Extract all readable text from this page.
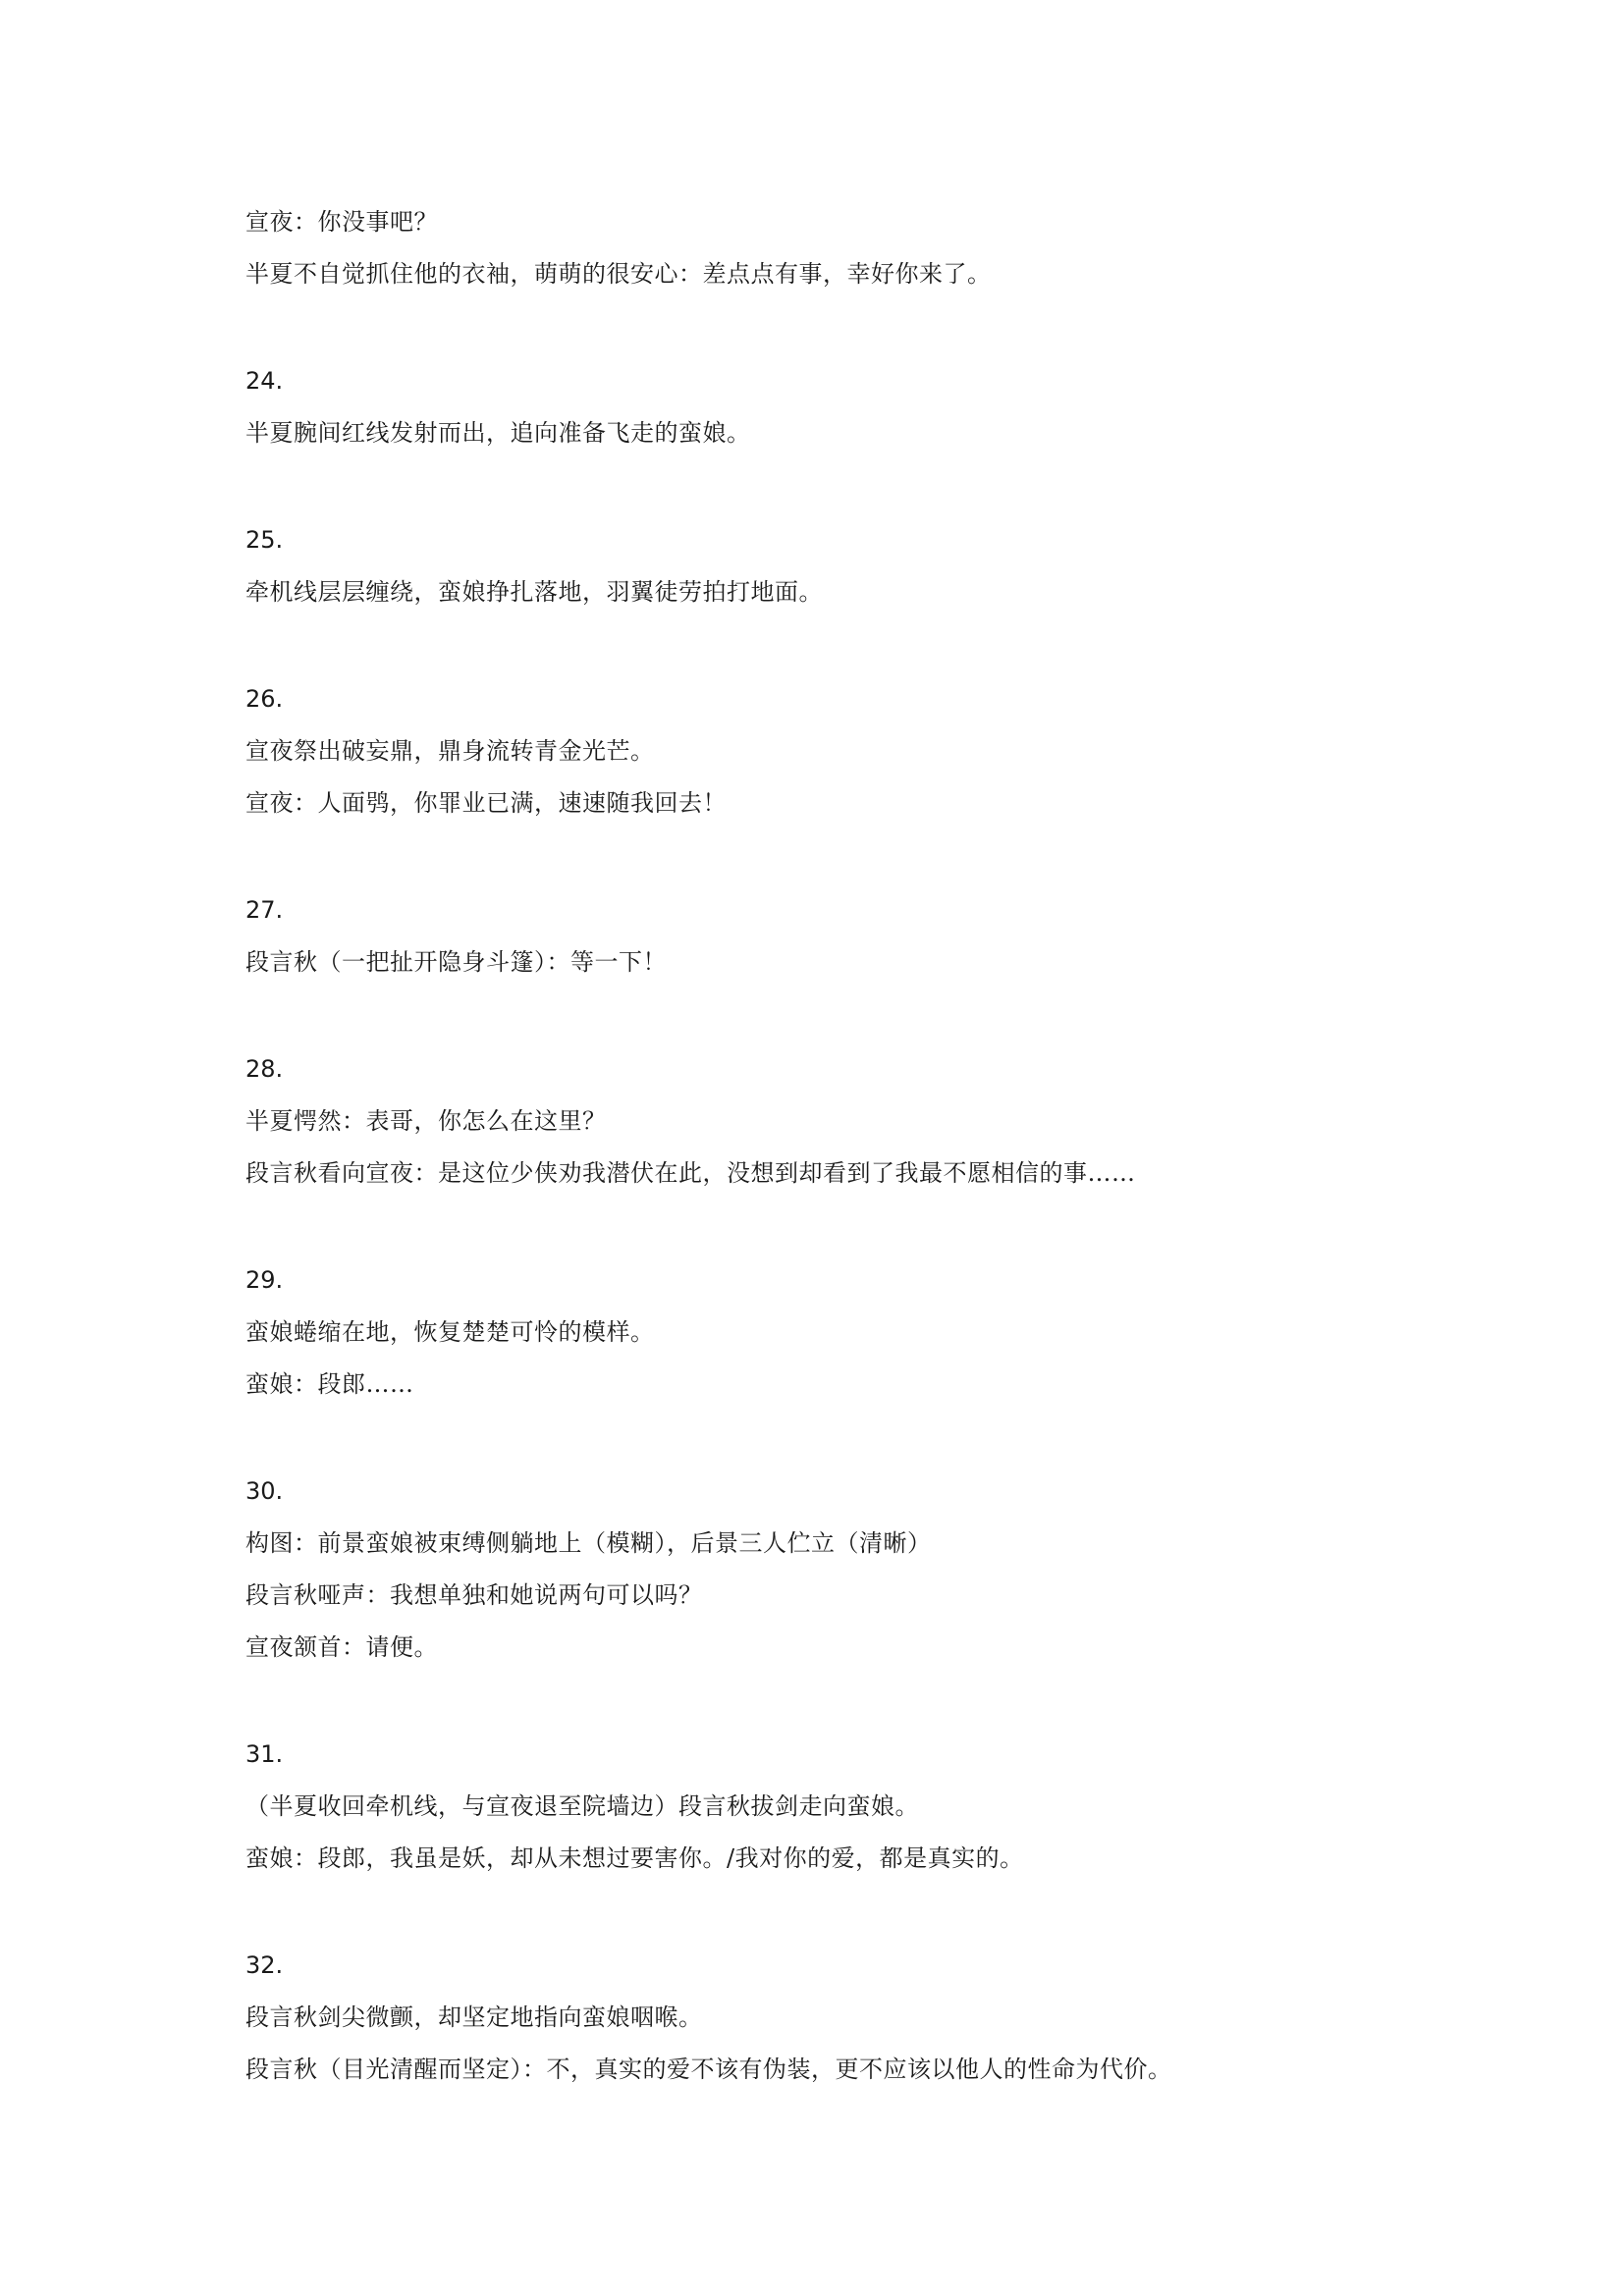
宣夜：你没事吧？
半夏不自觉抓住他的衣袖，萌萌的很安心：差点点有事，幸好你来了。
24.
半夏腕间红线发射而出，追向准备飞走的蛮娘。
25.
牵机线层层缠绕，蛮娘挣扎落地，羽翼徒劳拍打地面。
26.
宣夜祭出破妄鼎，鼎身流转青金光芒。
宣夜：人面鸮，你罪业已满，速速随我回去！
27.
段言秋（一把扯开隐身斗篷）：等一下！
28.
半夏愕然：表哥，你怎么在这里？
段言秋看向宣夜：是这位少侠劝我潜伏在此，没想到却看到了我最不愿相信的事……
29.
蛮娘蜷缩在地，恢复楚楚可怜的模样。
蛮娘：段郎……
30.
构图：前景蛮娘被束缚侧躺地上（模糊），后景三人伫立（清晰）
段言秋哑声：我想单独和她说两句可以吗？
宣夜颔首：请便。
31.
（半夏收回牵机线，与宣夜退至院墙边）段言秋拔剑走向蛮娘。
蛮娘：段郎，我虽是妖，却从未想过要害你。/我对你的爱，都是真实的。
32.
段言秋剑尖微颤，却坚定地指向蛮娘咽喉。
段言秋（目光清醒而坚定）：不，真实的爱不该有伪装，更不应该以他人的性命为代价。
